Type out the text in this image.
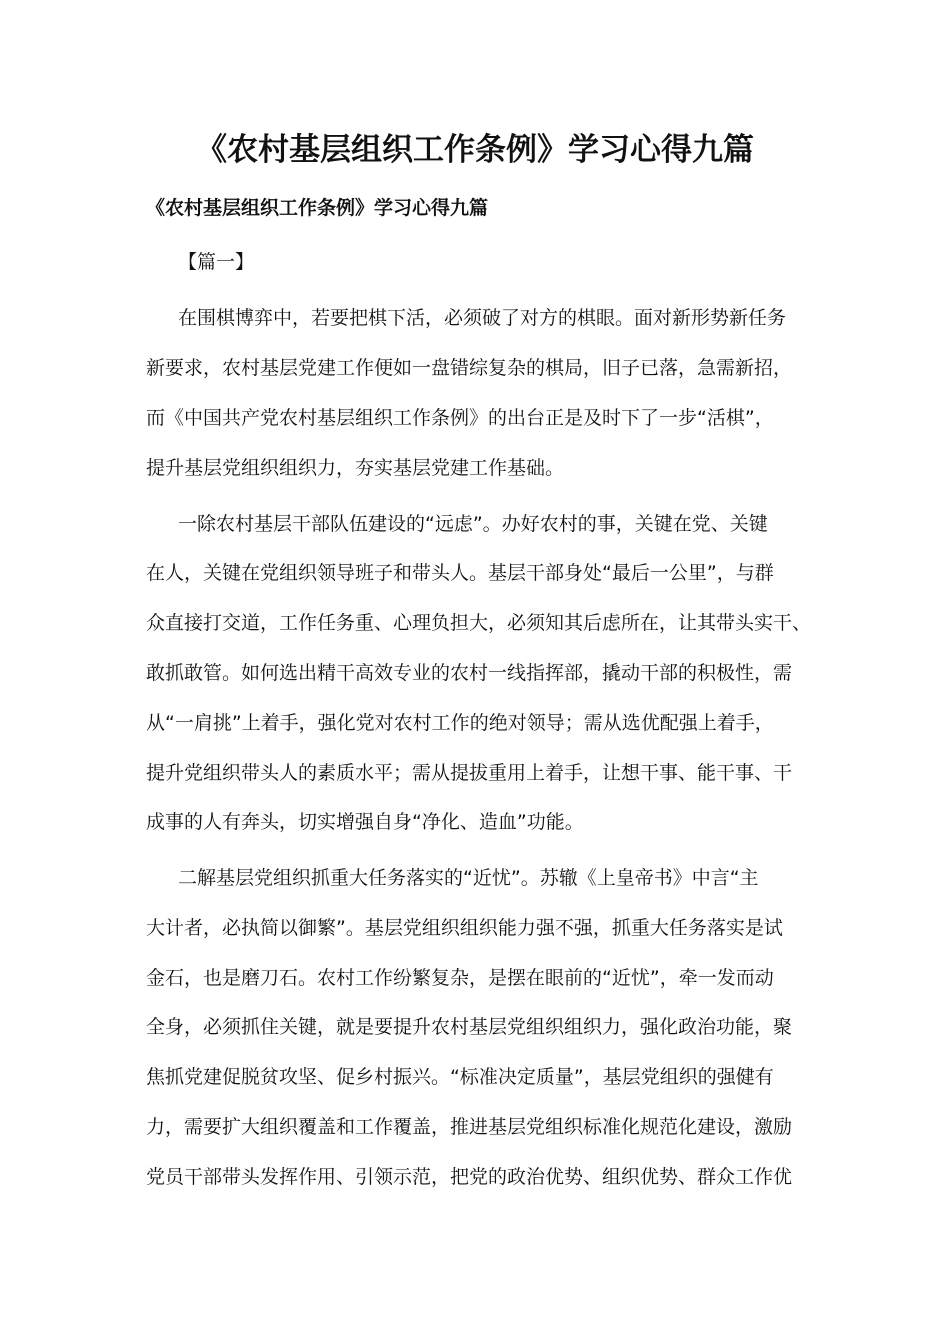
《农村基层组织工作条例》学习心得九篇
《农村基层组织工作条例》学习心得九篇
【篇一】
在围棋博弈中，若要把棋下活，必须破了对方的棋眼。面对新形势新任务
新要求，农村基层党建工作便如一盘错综复杂的棋局，旧子已落，急需新招，
而《中国共产党农村基层组织工作条例》的出台正是及时下了一步“活棋”，
提升基层党组织组织力，夯实基层党建工作基础。
一除农村基层干部队伍建设的“远虑”。办好农村的事，关键在党、关键
在人，关键在党组织领导班子和带头人。基层干部身处“最后一公里”，与群
众直接打交道，工作任务重、心理负担大，必须知其后虑所在，让其带头实干、
敢抓敢管。如何选出精干高效专业的农村一线指挥部，撬动干部的积极性，需
从“一肩挑”上着手，强化党对农村工作的绝对领导；需从选优配强上着手，
提升党组织带头人的素质水平；需从提拔重用上着手，让想干事、能干事、干
成事的人有奔头，切实增强自身“净化、造血”功能。
二解基层党组织抓重大任务落实的“近忧”。苏辙《上皇帝书》中言“主
大计者，必执简以御繁”。基层党组织组织能力强不强，抓重大任务落实是试
金石，也是磨刀石。农村工作纷繁复杂，是摆在眼前的“近忧”，牵一发而动
全身，必须抓住关键，就是要提升农村基层党组织组织力，强化政治功能，聚
焦抓党建促脱贫攻坚、促乡村振兴。“标准决定质量”，基层党组织的强健有
力，需要扩大组织覆盖和工作覆盖，推进基层党组织标准化规范化建设，激励
党员干部带头发挥作用、引领示范，把党的政治优势、组织优势、群众工作优
